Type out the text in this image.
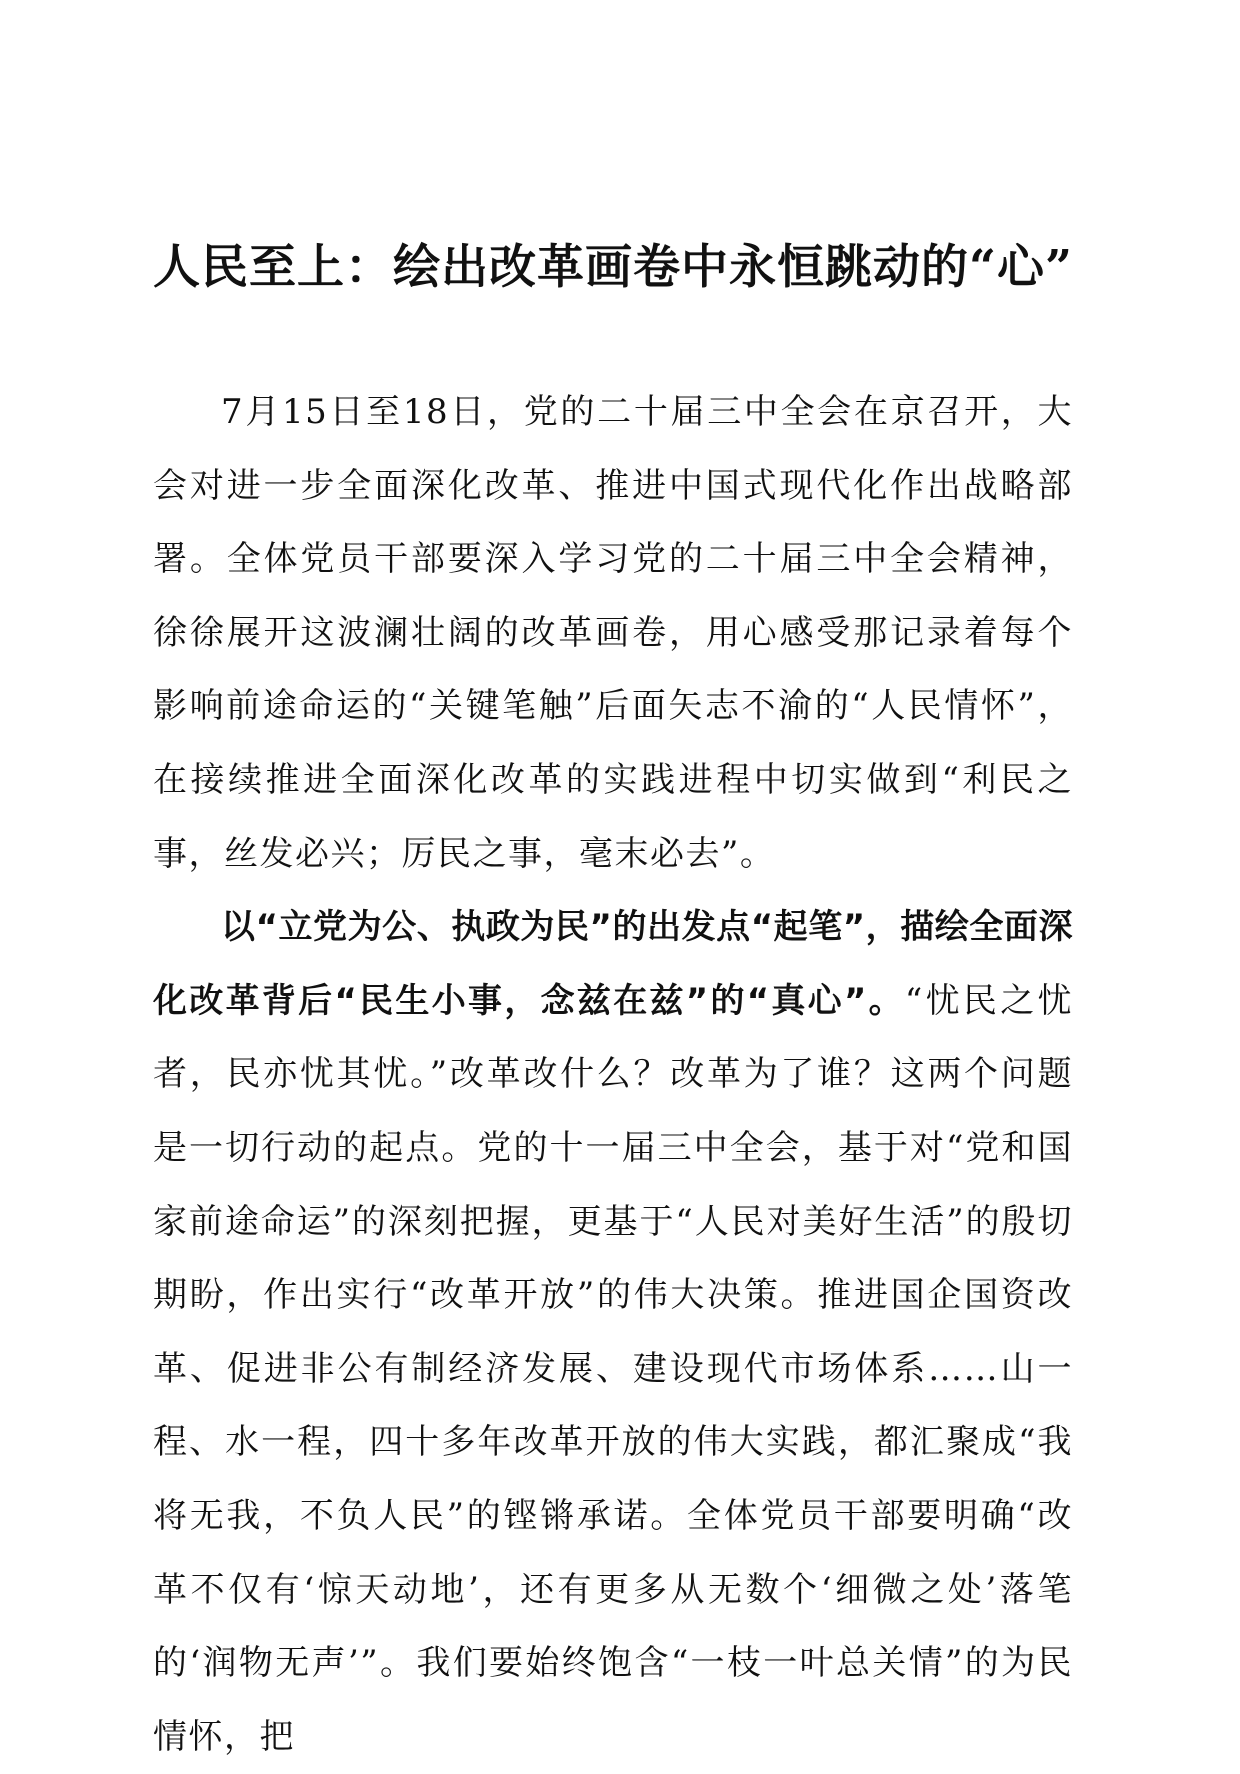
人民至上：绘出改革画卷中永恒跳动的“心”

7月15日至18日，党的二十届三中全会在京召开，大会对进一步全面深化改革、推进中国式现代化作出战略部署。全体党员干部要深入学习党的二十届三中全会精神，徐徐展开这波澜壮阔的改革画卷，用心感受那记录着每个影响前途命运的“关键笔触”后面矢志不渝的“人民情怀”，在接续推进全面深化改革的实践进程中切实做到“利民之事，丝发必兴；厉民之事，毫末必去”。

以“立党为公、执政为民”的出发点“起笔”，描绘全面深化改革背后“民生小事，念兹在兹”的“真心”。“忧民之忧者，民亦忧其忧。”改革改什么？改革为了谁？这两个问题是一切行动的起点。党的十一届三中全会，基于对“党和国家前途命运”的深刻把握，更基于“人民对美好生活”的殷切期盼，作出实行“改革开放”的伟大决策。推进国企国资改革、促进非公有制经济发展、建设现代市场体系……山一程、水一程，四十多年改革开放的伟大实践，都汇聚成“我将无我，不负人民”的铿锵承诺。全体党员干部要明确“改革不仅有‘惊天动地’，还有更多从无数个‘细微之处’落笔的‘润物无声’”。我们要始终饱含“一枝一叶总关情”的为民情怀，把
